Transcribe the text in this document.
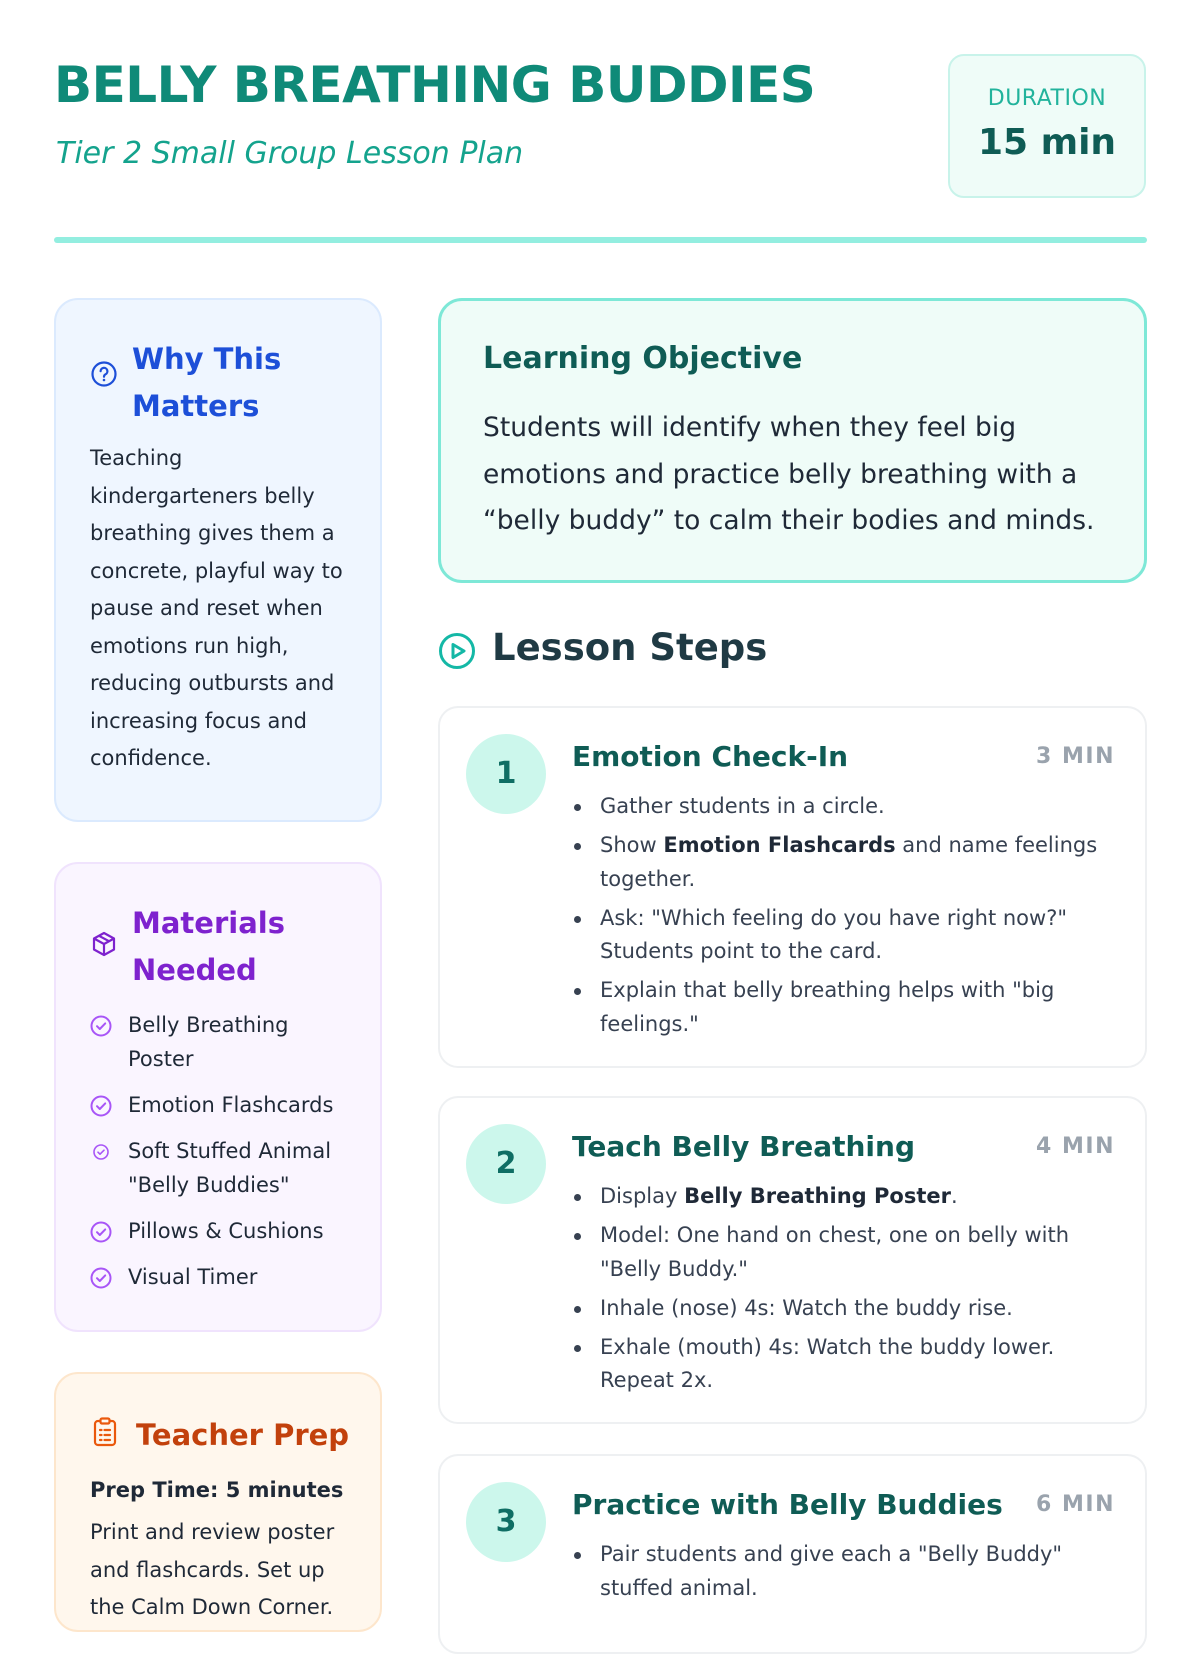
BELLY BREATHING BUDDIES
Tier 2 Small Group Lesson Plan
DURATION
15 min
Why This Matters
Teaching kindergarteners belly breathing gives them a concrete, playful way to pause and reset when emotions run high, reducing outbursts and increasing focus and confidence.
Materials Needed
Belly Breathing Poster
Emotion Flashcards
Soft Stuffed Animal "Belly Buddies"
Pillows & Cushions
Visual Timer
Teacher Prep
Prep Time: 5 minutes
Print and review poster and flashcards. Set up the Calm Down Corner.
Learning Objective
Students will identify when they feel big emotions and practice belly breathing with a “belly buddy” to calm their bodies and minds.
Lesson Steps
1	Emotion Check-In	3 MIN
Gather students in a circle.
Show Emotion Flashcards and name feelings together.
Ask: "Which feeling do you have right now?" Students point to the card.
Explain that belly breathing helps with "big feelings."
2	Teach Belly Breathing	4 MIN
Display Belly Breathing Poster.
Model: One hand on chest, one on belly with "Belly Buddy."
Inhale (nose) 4s: Watch the buddy rise.
Exhale (mouth) 4s: Watch the buddy lower. Repeat 2x.
3	Practice with Belly Buddies 6 MIN
Pair students and give each a "Belly Buddy" stuffed animal.
